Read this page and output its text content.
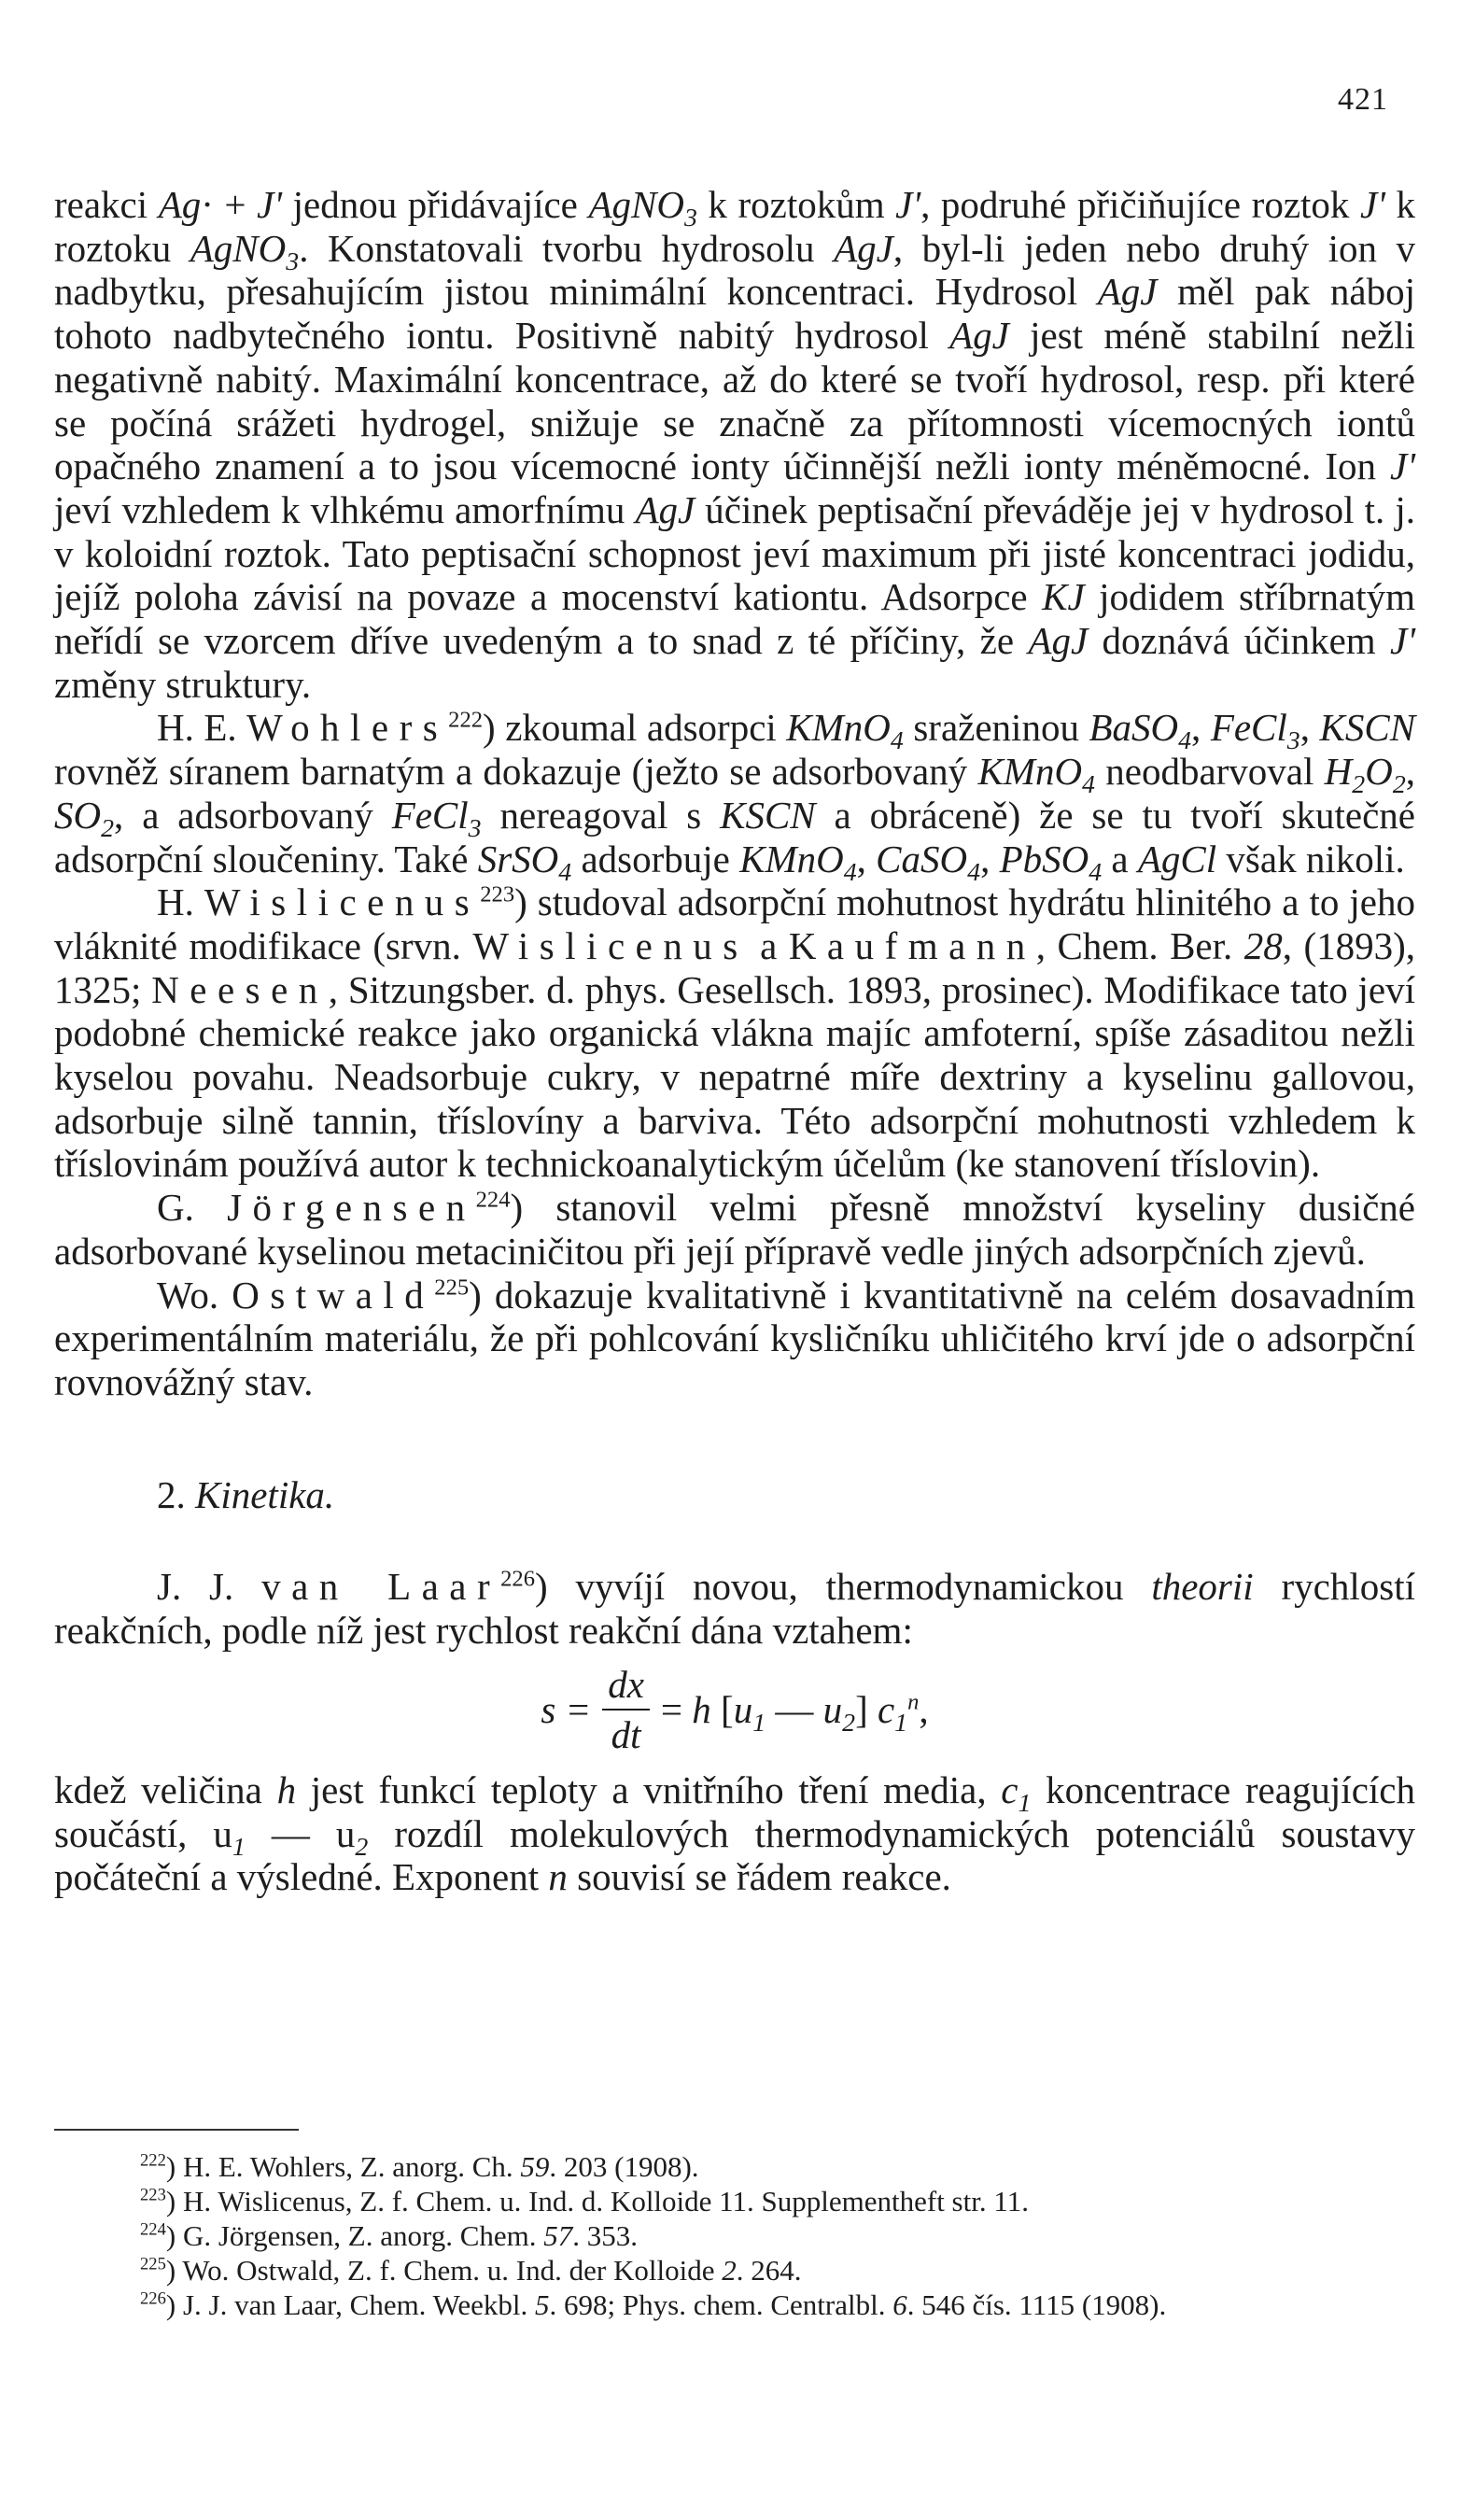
421

reakci Ag· + J' jednou přidávajíce AgNO$_3$ k roztokům J', podruhé přičiňujíce roztok J' k roztoku AgNO$_3$. Konstatovali tvorbu hydrosolu AgJ, byl-li jeden nebo druhý ion v nadbytku, přesahujícím jistou minimální koncentraci. Hydrosol AgJ měl pak náboj tohoto nadbytečného iontu. Positivně nabitý hydrosol AgJ jest méně stabilní nežli negativně nabitý. Maximální koncentrace, až do které se tvoří hydrosol, resp. při které se počíná srážeti hydrogel, snižuje se značně za přítomnosti vícemocných iontů opačného znamení a to jsou vícemocné ionty účinnější nežli ionty méněmocné. Ion J' jeví vzhledem k vlhkému amorfnímu AgJ účinek peptisační převáděje jej v hydrosol t. j. v koloidní roztok. Tato peptisační schopnost jeví maximum při jisté koncentraci jodidu, jejíž poloha závisí na povaze a mocenství kationtu. Adsorpce KJ jodidem stříbrnatým neřídí se vzorcem dříve uvedeným a to snad z té příčiny, že AgJ doznává účinkem J' změny struktury.

H. E. Wohlers$^{222}$) zkoumal adsorpci KMnO$_4$ sraženinou BaSO$_4$, FeCl$_3$, KSCN rovněž síranem barnatým a dokazuje (ježto se adsorbovaný KMnO$_4$ neodbarvoval $H_2O_2$, $SO_2$, a adsorbovaný FeCl$_3$ nereagoval s KSCN a obráceně) že se tu tvoří skutečné adsorpční sloučeniny. Také SrSO$_4$ adsorbuje KMnO$_4$, CaSO$_4$, PbSO$_4$ a AgCl však nikoli.

H. Wislicenus$^{223}$) studoval adsorpční mohutnost hydrátu hlinitého a to jeho vláknité modifikace (srvn. Wislicenus a Kaufmann, Chem. Ber. 28, (1893), 1325; Neesen, Sitzungsber. d. phys. Gesellsch. 1893, prosinec). Modifikace tato jeví podobné chemické reakce jako organická vlákna majíc amfoterní, spíše zásaditou nežli kyselou povahu. Neadsorbuje cukry, v nepatrné míře dextriny a kyselinu gallovou, adsorbuje silně tannin, tříslovíny a barviva. Této adsorpční mohutnosti vzhledem k tříslovinám používá autor k technickoanalytickým účelům (ke stanovení tříslovin).

G. Jörgensen$^{224}$) stanovil velmi přesně množství kyseliny dusičné adsorbované kyselinou metaciničitou při její přípravě vedle jiných adsorpčních zjevů.

Wo. Ostwald$^{225}$) dokazuje kvalitativně i kvantitativně na celém dosavadním experimentálním materiálu, že při pohlcování kysličníku uhličitého krví jde o adsorpční rovnovážný stav.

2. Kinetika.

J. J. van Laar$^{226}$) vyvíjí novou, thermodynamickou theorii rychlostí reakčních, podle níž jest rychlost reakční dána vztahem:

$s = \frac{dx}{dt} = h$ [$u_1$ — $u_2$] $c_1^n$,

kdež veličina h jest funkcí teploty a vnitřního tření media, $c_1$ koncentrace reagujících součástí, $u_1$ — $u_2$ rozdíl molekulových thermodynamických potenciálů soustavy počáteční a výsledné. Exponent n souvisí se řádem reakce.

$^{222}$) H. E. Wohlers, Z. anorg. Ch. 59. 203 (1908).

$^{223}$) H. Wislicenus, Z. f. Chem. u. Ind. d. Kolloide 11. Supplementheft str. 11.

$^{224}$) G. Jörgensen, Z. anorg. Chem. 57. 353.

$^{225}$) Wo. Ostwald, Z. f. Chem. u. Ind. der Kolloide 2. 264.

$^{226}$) J. J. van Laar, Chem. Weekbl. 5. 698; Phys. chem. Centralbl. 6. 546 čís. 1115 (1908).
